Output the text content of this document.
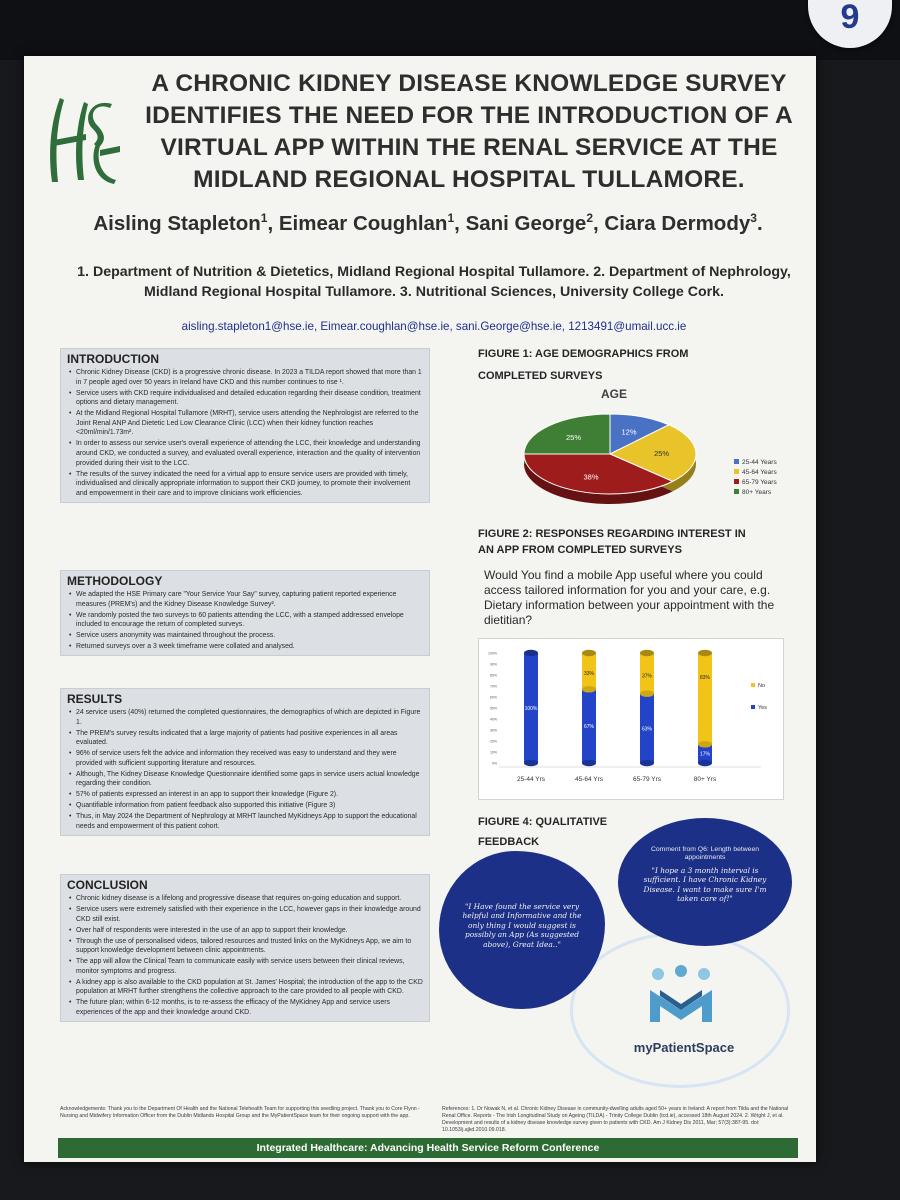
9
A CHRONIC KIDNEY DISEASE KNOWLEDGE SURVEY IDENTIFIES THE NEED FOR THE INTRODUCTION OF A VIRTUAL APP WITHIN THE RENAL SERVICE AT THE MIDLAND REGIONAL HOSPITAL TULLAMORE.
Aisling Stapleton$^1$, Eimear Coughlan$^1$, Sani George$^2$, Ciara Dermody$^3$.
1. Department of Nutrition & Dietetics, Midland Regional Hospital Tullamore. 2. Department of Nephrology, Midland Regional Hospital Tullamore. 3. Nutritional Sciences, University College Cork.
aisling.stapleton1@hse.ie, Eimear.coughlan@hse.ie, sani.George@hse.ie, 1213491@umail.ucc.ie
INTRODUCTION
• Chronic Kidney Disease (CKD) is a progressive chronic disease. In 2023 a TILDA report showed that more than 1 in 7 people aged over 50 years in Ireland have CKD and this number continues to rise ¹.
• Service users with CKD require individualised and detailed education regarding their disease condition, treatment options and dietary management.
• At the Midland Regional Hospital Tullamore (MRHT), service users attending the Nephrologist are referred to the Joint Renal ANP And Dietetic Led Low Clearance Clinic (LCC) when their kidney function reaches <20ml/min/1.73m².
• In order to assess our service user's overall experience of attending the LCC, their knowledge and understanding around CKD, we conducted a survey, and evaluated overall experience, interaction and the quality of intervention provided during their visit to the LCC.
• The results of the survey indicated the need for a virtual app to ensure service users are provided with timely, individualised and clinically appropriate information to support their CKD journey, to promote their involvement and empowerment in their care and to improve clinicians work efficiencies.
METHODOLOGY
• We adapted the HSE Primary care "Your Service Your Say" survey, capturing patient reported experience measures (PREM's) and the Kidney Disease Knowledge Survey².
• We randomly posted the two surveys to 60 patients attending the LCC, with a stamped addressed envelope included to encourage the return of completed surveys.
• Service users anonymity was maintained throughout the process.
• Returned surveys over a 3 week timeframe were collated and analysed.
RESULTS
• 24 service users (40%) returned the completed questionnaires, the demographics of which are depicted in Figure 1.
• The PREM's survey results indicated that a large majority of patients had positive experiences in all areas evaluated.
• 96% of service users felt the advice and information they received was easy to understand and they were provided with sufficient supporting literature and resources.
• Although, The Kidney Disease Knowledge Questionnaire identified some gaps in service users actual knowledge regarding their condition.
• 57% of patients expressed an interest in an app to support their knowledge (Figure 2).
• Quantifiable information from patient feedback also supported this initiative (Figure 3)
• Thus, in May 2024 the Department of Nephrology at MRHT launched MyKidneys App to support the educational needs and empowerment of this patient cohort.
CONCLUSION
• Chronic kidney disease is a lifelong and progressive disease that requires on-going education and support.
• Service users were extremely satisfied with their experience in the LCC, however gaps in their knowledge around CKD still exist.
• Over half of respondents were interested in the use of an app to support their knowledge.
• Through the use of personalised videos, tailored resources and trusted links on the MyKidneys App, we aim to support knowledge development between clinic appointments.
• The app will allow the Clinical Team to communicate easily with service users between their clinical reviews, monitor symptoms and progress.
• A kidney app is also available to the CKD population at St. James' Hospital; the introduction of the app to the CKD population at MRHT further strengthens the collective approach to the care provided to all people with CKD.
• The future plan; within 6-12 months, is to re-assess the efficacy of the MyKidney App and service users experiences of the app and their knowledge around CKD.
FIGURE 1: AGE DEMOGRAPHICS FROM
COMPLETED SURVEYS
AGE
12%
25%
38%
25%
25-44 Years
45-64 Years
65-79 Years
80+ Years
FIGURE 2: RESPONSES REGARDING INTEREST IN
AN APP FROM COMPLETED SURVEYS
Would You find a mobile App useful where you could access tailored information for you and your care, e.g. Dietary information between your appointment with the dietitian?
0%
10%
20%
30%
40%
50%
60%
70%
80%
90%
100%
100%
25-44 Yrs
33%
67%
45-64 Yrs
37%
63%
65-79 Yrs
83%
17%
80+ Yrs
No
Yes
FIGURE 4: QUALITATIVE
FEEDBACK

"I Have found the service very helpful and Informative and the only thing I would suggest is possibly an App (As suggested above), Great Idea.."

Comment from Q6: Length between appointments
"I hope a 3 month interval is sufficient. I have Chronic Kidney Disease. I want to make sure I'm taken care of!"
myPatientSpace
Acknowledgements: Thank you to the Department Of Health and the National Telehealth Team for supporting this seedling project. Thank you to Core Flynn - Nursing and Midwifery Information Officer from the Dublin Midlands Hospital Group and the MyPatientSpace team for their ongoing support with the app.
References: 1. Dr Nowak N, et al. Chronic Kidney Disease in community-dwelling adults aged 50+ years in Ireland: A report from Tilda and the National Renal Office. Reports - The Irish Longitudinal Study on Ageing (TILDA) - Trinity College Dublin (tcd.ie), accessed 18th August 2024. 2. Wright J, et al. Development and results of a kidney disease knowledge survey given to patients with CKD. Am J Kidney Dis 2011, Mar; 57(3):387-95. doi: 10.1053/j.ajkd.2010.09.018.
Integrated Healthcare: Advancing Health Service Reform Conference
